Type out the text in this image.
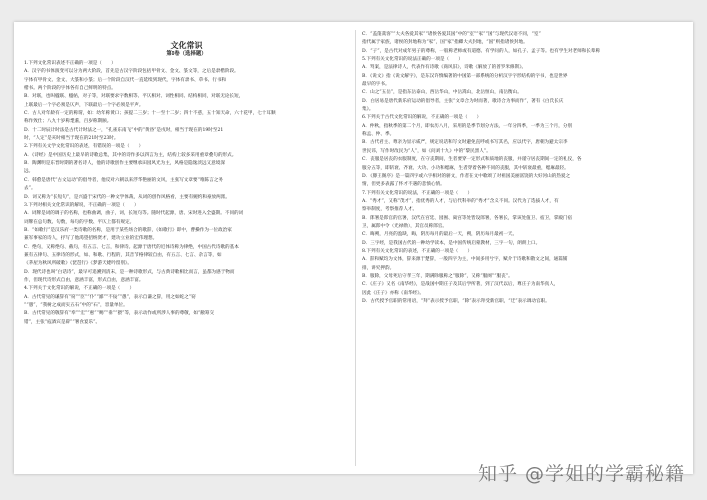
文化常识
第Ⅰ卷（选择题）
1.下列文化常识表述不正确的一项是（　　）
A．汉字的书体演变可以分为两大阶段，首先是古汉字阶段包括甲骨文、金文、篆文等，之后是隶楷阶段。
字体有甲骨文、金文、大篆和小篆；后一个阶段自汉代一直延续到现代，字体有隶书、草书、行书和
楷书。两个阶段的字体各有自己鲜明的特点。
B．对联，也叫楹联、楹帖，对子等，对联要求字数相等、平仄相对、词性相同、结构相同，对联无论长短，
上联最后一个字必须是仄声，下联最后一个字必须是平声。
C．古人对年龄有一定的称谓，如：幼年称黄口；孩提二三岁；十一至十二岁；四十不惑，五十知天命，六十花甲，七十耳顺
称作致仕；八九十岁称耄耋，百岁称期颐。
D．十二时辰计时法是古代计时法之一，“孔雀东南飞”中的“黄昏”是戌时，相当于现在的19时至21
时，“人定”是亥时相当于现在的21时至23时。
2.下列有关文学文化常识的表述，有错误的一项是（　　）
A．《诗经》是中国历史上最早的诗歌总集，其中的诗作多以四言为主，结构上较多采用重章叠句的形式。
B．陶渊明是东晋时期的著名诗人，他的诗歌创作主要继承田园风光为主，风格是隐逸淡远又意境深
远。
C．韩愈是唐代“古文运动”的倡导者，他反对六朝以来浮华艳丽的文风，主张写文章要“唯陈言之务
去”。
D．词又称为“长短句”，是兴盛于宋代的一种文学体裁，从词的创作风格看，主要有婉约和豪放两派。
3.下列对相关文化常识的解说，不正确的一项是（　　）
A．词牌是词的调子的名称，也称曲调，曲子，词，长短句等。随时代起源，唐、宋时进入全盛期。不同的词
词牌在总句数、句数，每句的字数、平仄上都有规定。
B．“如歌行”是汉乐府一类诗歌的名称，是用于某些场合的歌辞，《如歌行》即中，曹操作为一位政治家
兼军事家的诗人，抒写了他渴望招纳贤才，建功立业的宏伟理想。
C．绝句，又称绝句、截句，有五言、七言，和律诗。起源于唐代的近体诗称为律绝，中国古代诗歌的基本
兼有五律句、五律诗的形式，如、和歌、行程的，其音节格律较自由，有五言、七言、杂言等，如
《茅屋为秋风所破歌》《琵琶行》《梦游天姥吟留别》。
D．现代诗也叫“白话诗”，最早可追溯到清末，是一种诗歌形式，与古典诗歌相比而言，虽都为感于物而
作，但现代诗形式自由，意涵丰富，形式自由，意涵丰富。
4.下列关于文化常识的解说，不正确的一项是（　　）
A．古代常见的谦辞有“窃”“臣”“仆”“鄙”“不佞”“愚”，表示自谦之辞，用之如蛇之“窃
”“愚”，“我树之成而实五石”中的“石”，容量单位。
B．古代常见的敬辞有“奉”“宏”“惠”“赐”“垂”“猥”等，表示动作或所涉人事的尊敬，如“敝筹交
错”，主张“庖酒宾是辟”“署食宴乐”。
C．“盖蓬蒿客”“大夫各爱其家”“诸侯各爱其国”中的“室”“家”“国”与现代汉语不同，“室”
指代属于家族，诸侯的封地称为“家”，国“家”指卿大夫封地，“国”则指诸侯封地。
D．“子”，是古代对成年男子的尊称，一般称老师或有道德、有学问的人，如孔子、孟子等。也有学生对老师和长辈称
5.下列有关文化常识的说法正确的一项是（　　）
A．骂案，是法律诗人，代表作有诗歌《商风旧》，诗歌《解放了的普罗米修斯》。
B．《说文》指《说文解字》，是东汉许慎编著的中国第一部系统的分析汉字字形结构的字书，也是世界
最早的字书。
C．山之“五岳”，是指东岳泰山，西岳华山，中岳嵩山，北岳恒山，南岳衡山。
D．白居易是唐代新乐府运动的倡导者，主张“文章合为时而著，歌诗合为事而作”，著有《白氏长庆
集》。
6.下列关于古代文化常识的解说，不正确的一项是（　　）
A．仲秋，指秋季的第二个月，即农历八月，采用的是季节划分方法，一年分四季，一季为三个月，分别
称孟、仲、季。
B．古代君主、尊亲为显示威严，规定说话和写文时避免直呼或书写其名，应以代字，唐朝为避太宗李
世民讳，写作时改民为“人”，如《问刘十九》中的“黎民黑人”。
C．丧服是居丧的衣服制度，在守丧期间，生者要穿一定形式和质地的丧服，并谨守居丧期间一定的礼仪，各
服分五等，即斩衰、齐衰、大功、小功和缌麻，生者穿着各种不同的丧服，其中斩衰最重，缌麻最轻。
D．《滕王阁序》是一篇四字或六字相对的骈文，作者在文中歌颂了对祖国美丽富饶的大好河山的热爱之
情，但更多表露了怀才不遇的悲愤心情。
7.下列有关文化常识的说法，不正确的一项是（　　）
A．“秀才”，又称“茂才”，指优秀的人才，与后代科举的“秀才”含义不同。汉代为了选拔人才，有
察举制度，考察推荐人才。
B．郎署是郎官的官署，汉代在宫廷、园囿、离宫等处皆设郎署，各署长，掌该处值卫、宿卫，掌殿门宿
卫，属郎中令（光禄勋），其官员称郎官。
C．晦朔，月亮的盈缺，晦，阴历每月的最后一天，朔，阴历每月最初一天。
D．三字经，是我国古代的一种幼学读本，是中国传统启蒙教材，三字一句，朗朗上口。
8.下列有关文化常识的表述，不正确的一项是（　　）
A．辞和赋均为文体，辞来源于楚辞，一般四字为主，中间多用兮字，赋介于诗歌和散文之间，通篇铺
排，讲究押韵。
B．服除，父母死后守孝三年，期满除服称之“服除”，又称“服阕”“服丧”。
C．《庄子》又名《南华经》，是战国中期庄子及其后学所著，到了汉代以后，尊庄子为南华真人，
因此《庄子》亦称《南华经》。
D．古代授予官职的常用语，“拜”表示授予官职，“除”表示拜受新官职，“迁”表示调动官职。
知乎 @学姐的学霸秘籍
